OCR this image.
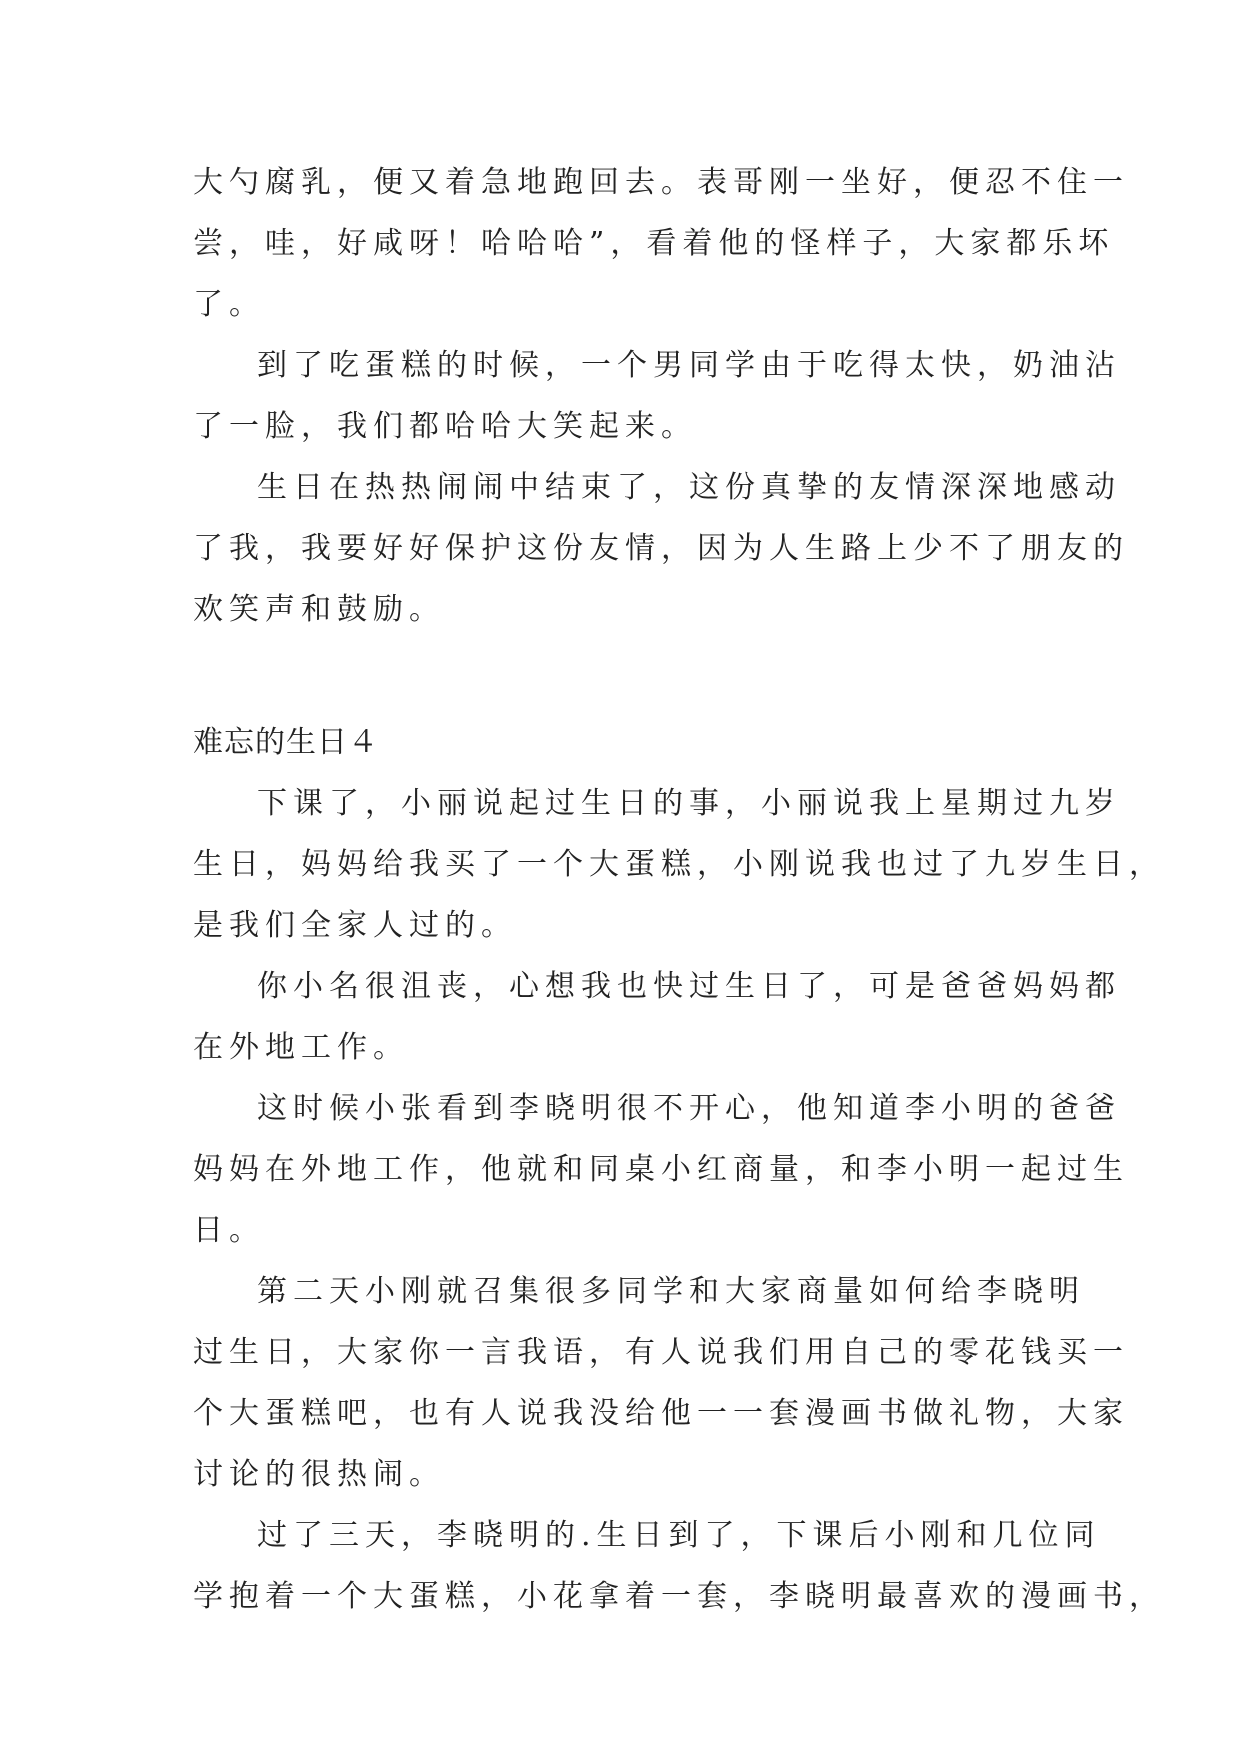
大勺腐乳，便又着急地跑回去。表哥刚一坐好，便忍不住一
尝，哇，好咸呀！哈哈哈”，看着他的怪样子，大家都乐坏
了。
到了吃蛋糕的时候，一个男同学由于吃得太快，奶油沾
了一脸，我们都哈哈大笑起来。
生日在热热闹闹中结束了，这份真挚的友情深深地感动
了我，我要好好保护这份友情，因为人生路上少不了朋友的
欢笑声和鼓励。
难忘的生日４
下课了，小丽说起过生日的事，小丽说我上星期过九岁
生日，妈妈给我买了一个大蛋糕，小刚说我也过了九岁生日，
是我们全家人过的。
你小名很沮丧，心想我也快过生日了，可是爸爸妈妈都
在外地工作。
这时候小张看到李晓明很不开心，他知道李小明的爸爸
妈妈在外地工作，他就和同桌小红商量，和李小明一起过生
日。
第二天小刚就召集很多同学和大家商量如何给李晓明
过生日，大家你一言我语，有人说我们用自己的零花钱买一
个大蛋糕吧，也有人说我没给他一一套漫画书做礼物，大家
讨论的很热闹。
过了三天，李晓明的.生日到了，下课后小刚和几位同
学抱着一个大蛋糕，小花拿着一套，李晓明最喜欢的漫画书，
